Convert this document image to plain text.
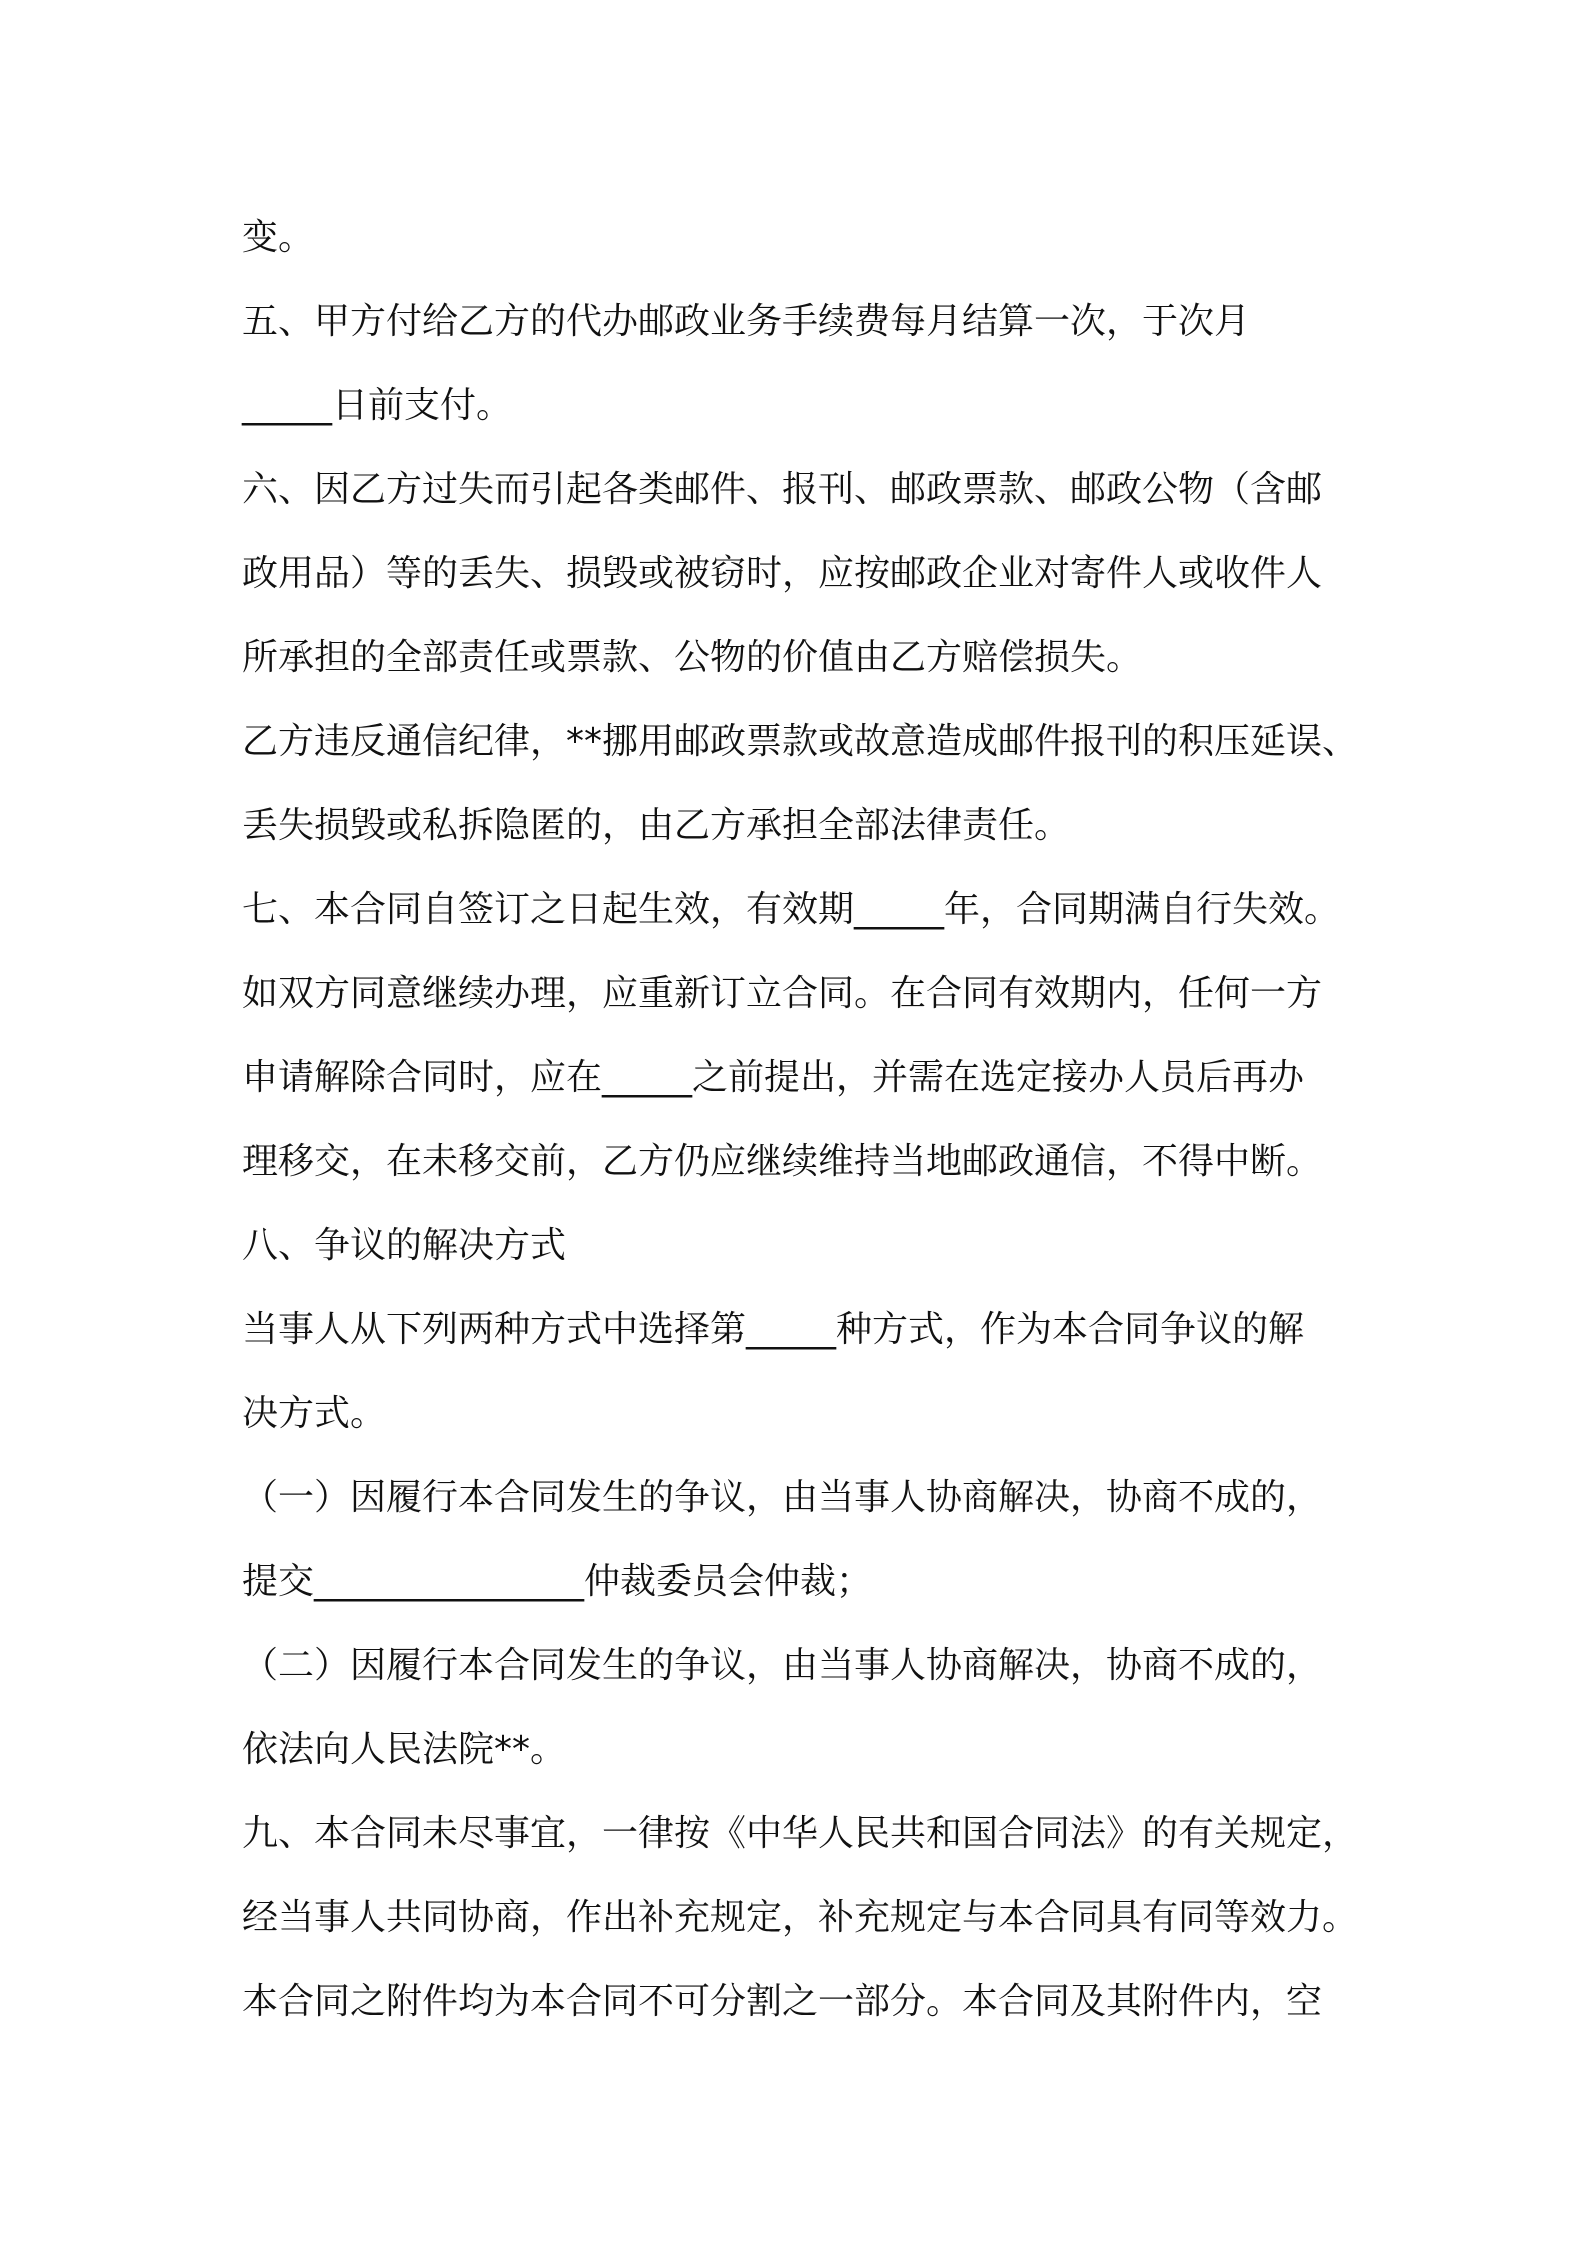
变。
五、甲方付给乙方的代办邮政业务手续费每月结算一次，于次月
_____日前支付。
六、因乙方过失而引起各类邮件、报刊、邮政票款、邮政公物（含邮
政用品）等的丢失、损毁或被窃时，应按邮政企业对寄件人或收件人
所承担的全部责任或票款、公物的价值由乙方赔偿损失。
乙方违反通信纪律，**挪用邮政票款或故意造成邮件报刊的积压延误、
丢失损毁或私拆隐匿的，由乙方承担全部法律责任。
七、本合同自签订之日起生效，有效期_____年，合同期满自行失效。
如双方同意继续办理，应重新订立合同。在合同有效期内，任何一方
申请解除合同时，应在_____之前提出，并需在选定接办人员后再办
理移交，在未移交前，乙方仍应继续维持当地邮政通信，不得中断。
八、争议的解决方式
当事人从下列两种方式中选择第_____种方式，作为本合同争议的解
决方式。
（一）因履行本合同发生的争议，由当事人协商解决，协商不成的，
提交_______________仲裁委员会仲裁；
（二）因履行本合同发生的争议，由当事人协商解决，协商不成的，
依法向人民法院**。
九、本合同未尽事宜，一律按《中华人民共和国合同法》的有关规定，
经当事人共同协商，作出补充规定，补充规定与本合同具有同等效力。
本合同之附件均为本合同不可分割之一部分。本合同及其附件内，空
